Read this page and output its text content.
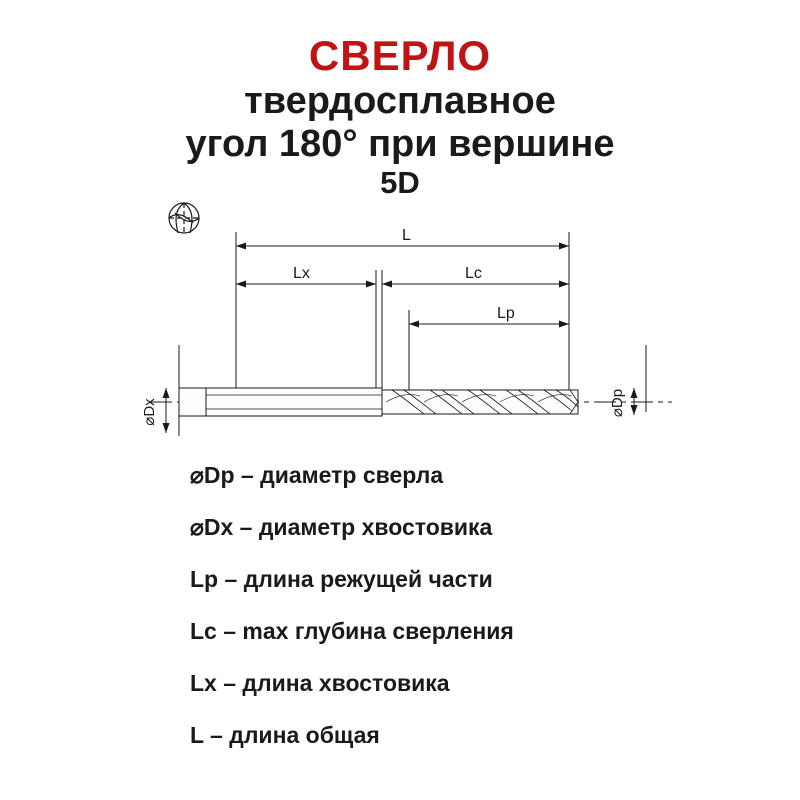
СВЕРЛО
твердосплавное
угол 180° при вершине
5D
L
Lx	Lc
Lp
⌀Dx	⌀Dp
⌀Dp – диаметр сверла
⌀Dx – диаметр хвостовика
Lp – длина режущей части
Lc – max глубина сверления
Lx – длина хвостовика
L – длина общая
